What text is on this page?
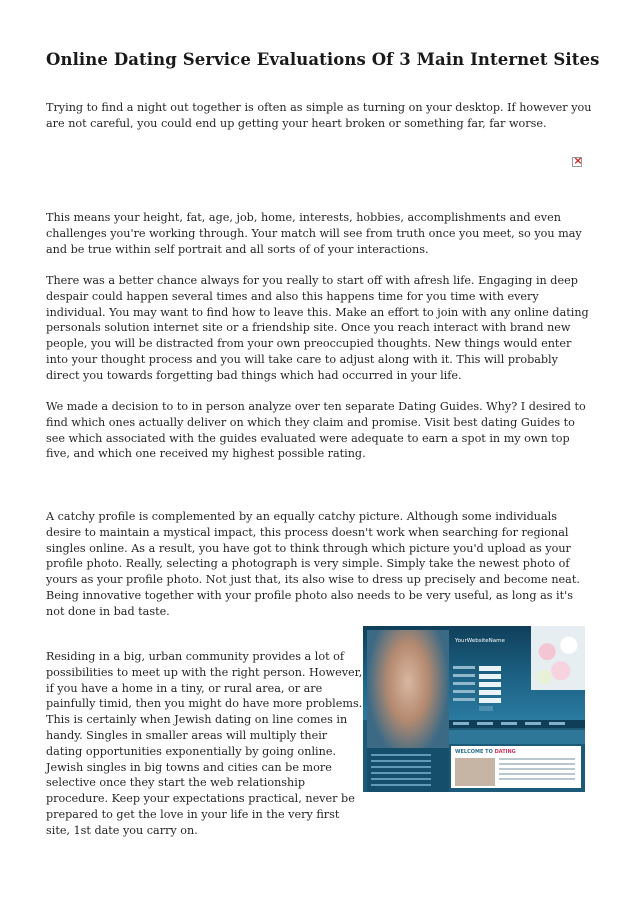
Online Dating Service Evaluations Of 3 Main Internet Sites
Trying to find a night out together is often as simple as turning on your desktop. If however you are not careful, you could end up getting your heart broken or something far, far worse.
×
This means your height, fat, age, job, home, interests, hobbies, accomplishments and even challenges you're working through. Your match will see from truth once you meet, so you may and be true within self portrait and all sorts of of your interactions.
There was a better chance always for you really to start off with afresh life. Engaging in deep despair could happen several times and also this happens time for you time with every individual. You may want to find how to leave this. Make an effort to join with any online dating personals solution internet site or a friendship site. Once you reach interact with brand new people, you will be distracted from your own preoccupied thoughts. New things would enter into your thought process and you will take care to adjust along with it. This will probably direct you towards forgetting bad things which had occurred in your life.
We made a decision to to in person analyze over ten separate Dating Guides. Why? I desired to find which ones actually deliver on which they claim and promise. Visit best dating Guides to see which associated with the guides evaluated were adequate to earn a spot in my own top five, and which one received my highest possible rating.
A catchy profile is complemented by an equally catchy picture. Although some individuals desire to maintain a mystical impact, this process doesn't work when searching for regional singles online. As a result, you have got to think through which picture you'd upload as your profile photo. Really, selecting a photograph is very simple. Simply take the newest photo of yours as your profile photo. Not just that, its also wise to dress up precisely and become neat. Being innovative together with your profile photo also needs to be very useful, as long as it's not done in bad taste.
Residing in a big, urban community provides a lot of possibilities to meet up with the right person. However, if you have a home in a tiny, or rural area, or are painfully timid, then you might do have more problems. This is certainly when Jewish dating on line comes in handy. Singles in smaller areas will multiply their dating opportunities exponentially by going online. Jewish singles in big towns and cities can be more selective once they start the web relationship procedure. Keep your expectations practical, never be prepared to get the love in your life in the very first site, 1st date you carry on.
YourWebsiteName
WELCOME TO DATING
